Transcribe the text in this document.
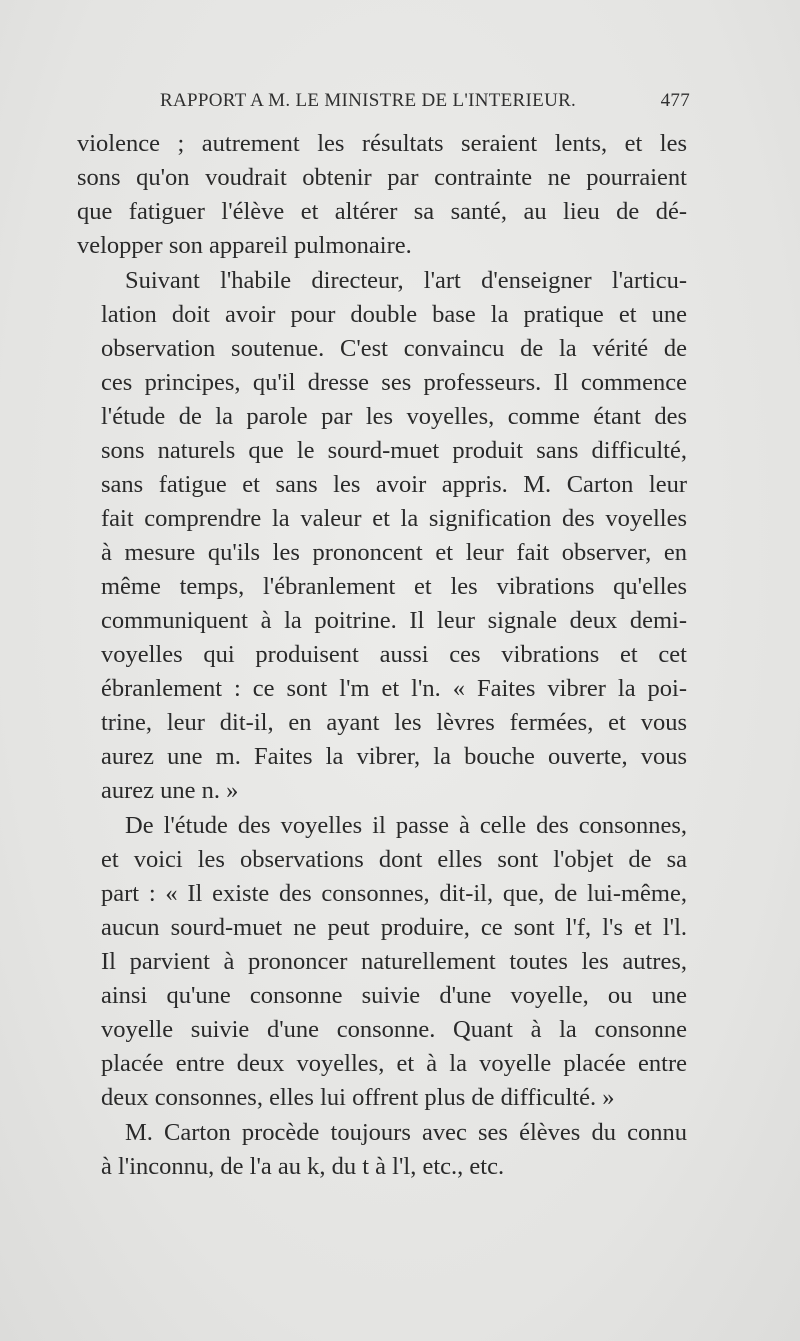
RAPPORT A M. LE MINISTRE DE L'INTERIEUR.	477
violence ; autrement les résultats seraient lents, et les
sons qu'on voudrait obtenir par contrainte ne pourraient
que fatiguer l'élève et altérer sa santé, au lieu de dé-
velopper son appareil pulmonaire.
Suivant l'habile directeur, l'art d'enseigner l'articu-
lation doit avoir pour double base la pratique et une
observation soutenue. C'est convaincu de la vérité de
ces principes, qu'il dresse ses professeurs. Il commence
l'étude de la parole par les voyelles, comme étant des
sons naturels que le sourd-muet produit sans difficulté,
sans fatigue et sans les avoir appris. M. Carton leur
fait comprendre la valeur et la signification des voyelles
à mesure qu'ils les prononcent et leur fait observer, en
même temps, l'ébranlement et les vibrations qu'elles
communiquent à la poitrine. Il leur signale deux demi-
voyelles qui produisent aussi ces vibrations et cet
ébranlement : ce sont l'm et l'n. « Faites vibrer la poi-
trine, leur dit-il, en ayant les lèvres fermées, et vous
aurez une m. Faites la vibrer, la bouche ouverte, vous
aurez une n. »
De l'étude des voyelles il passe à celle des consonnes,
et voici les observations dont elles sont l'objet de sa
part : « Il existe des consonnes, dit-il, que, de lui-même,
aucun sourd-muet ne peut produire, ce sont l'f, l's et l'l.
Il parvient à prononcer naturellement toutes les autres,
ainsi qu'une consonne suivie d'une voyelle, ou une
voyelle suivie d'une consonne. Quant à la consonne
placée entre deux voyelles, et à la voyelle placée entre
deux consonnes, elles lui offrent plus de difficulté. »
M. Carton procède toujours avec ses élèves du connu
à l'inconnu, de l'a au k, du t à l'l, etc., etc.
